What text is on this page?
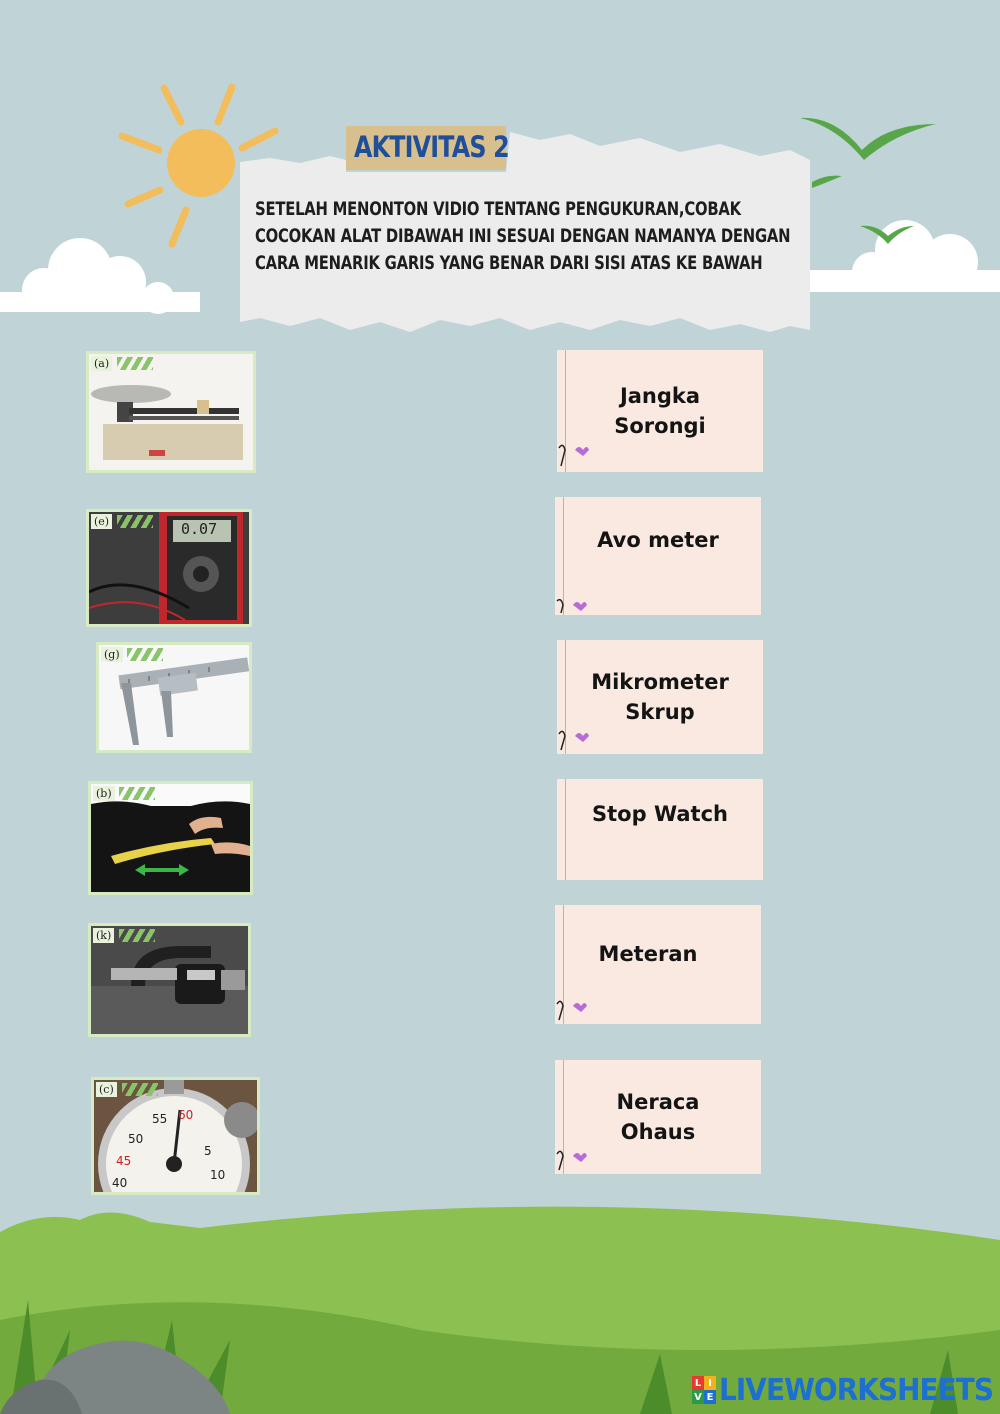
AKTIVITAS 2
SETELAH MENONTON VIDIO TENTANG PENGUKURAN,COBAK COCOKAN ALAT DIBAWAH INI SESUAI DENGAN NAMANYA DENGAN CARA MENARIK GARIS YANG BENAR DARI SISI ATAS KE BAWAH
(a)
0.07
(e)
(g)
(b)
(k)
55 60
50
45
40
5
10
(c)
Jangka
Sorongi
Avo meter
Mikrometer
Skrup
Stop Watch
Meteran
Neraca
Ohaus
L I
V E LIVEWORKSHEETS
